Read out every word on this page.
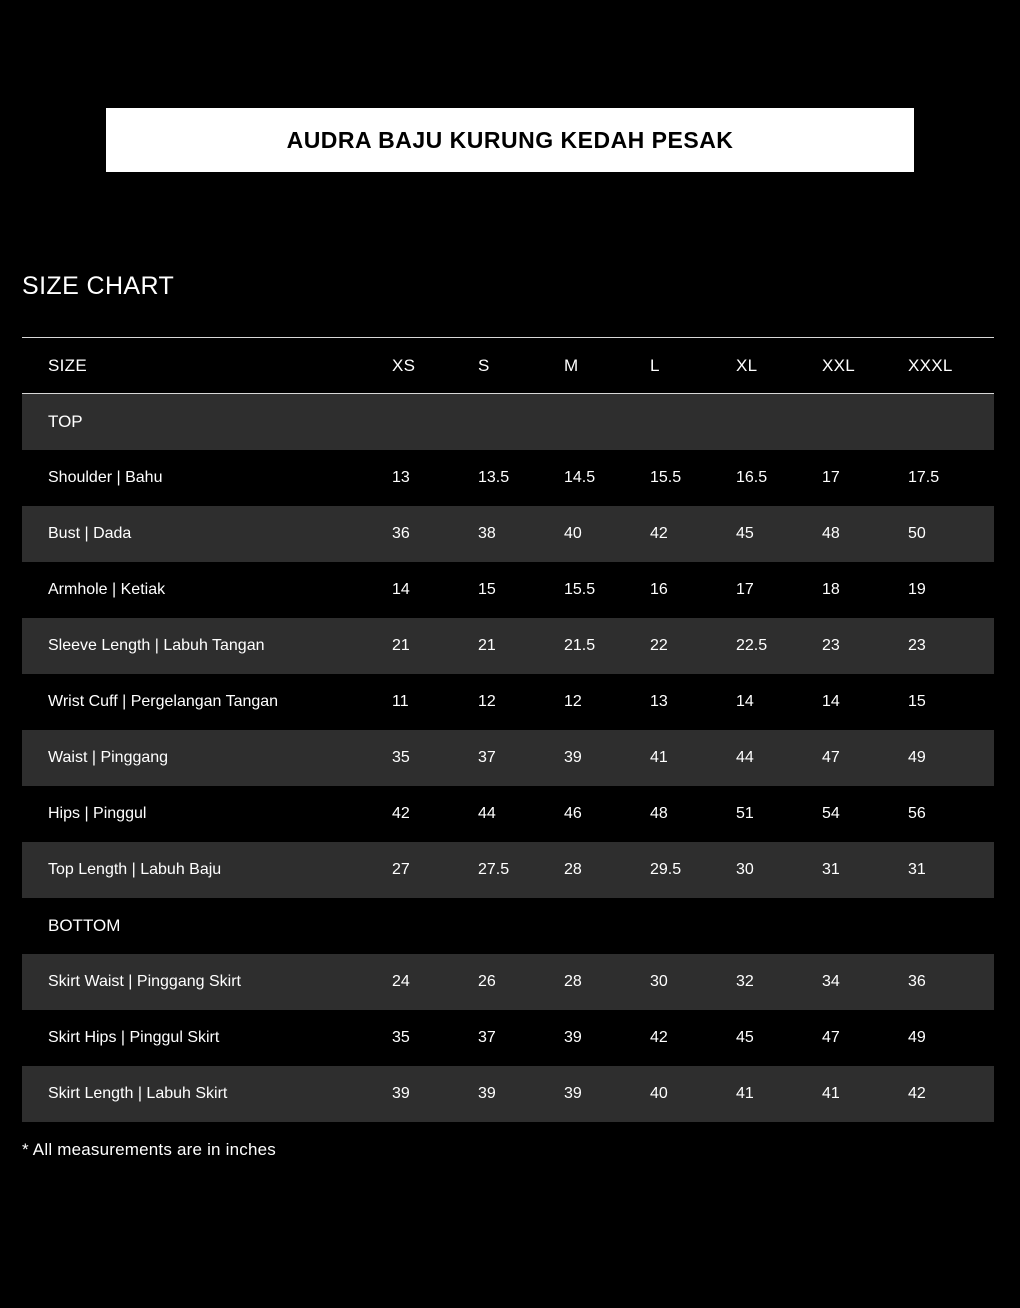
AUDRA BAJU KURUNG KEDAH PESAK
SIZE CHART
SIZE	XS	S	M	L	XL	XXL	XXXL
TOP							
Shoulder | Bahu	13	13.5	14.5	15.5	16.5	17	17.5
Bust | Dada	36	38	40	42	45	48	50
Armhole | Ketiak	14	15	15.5	16	17	18	19
Sleeve Length | Labuh Tangan	21	21	21.5	22	22.5	23	23
Wrist Cuff | Pergelangan Tangan	11	12	12	13	14	14	15
Waist | Pinggang	35	37	39	41	44	47	49
Hips | Pinggul	42	44	46	48	51	54	56
Top Length | Labuh Baju	27	27.5	28	29.5	30	31	31
BOTTOM							
Skirt Waist | Pinggang Skirt	24	26	28	30	32	34	36
Skirt Hips | Pinggul Skirt	35	37	39	42	45	47	49
Skirt Length | Labuh Skirt	39	39	39	40	41	41	42
* All measurements are in inches
